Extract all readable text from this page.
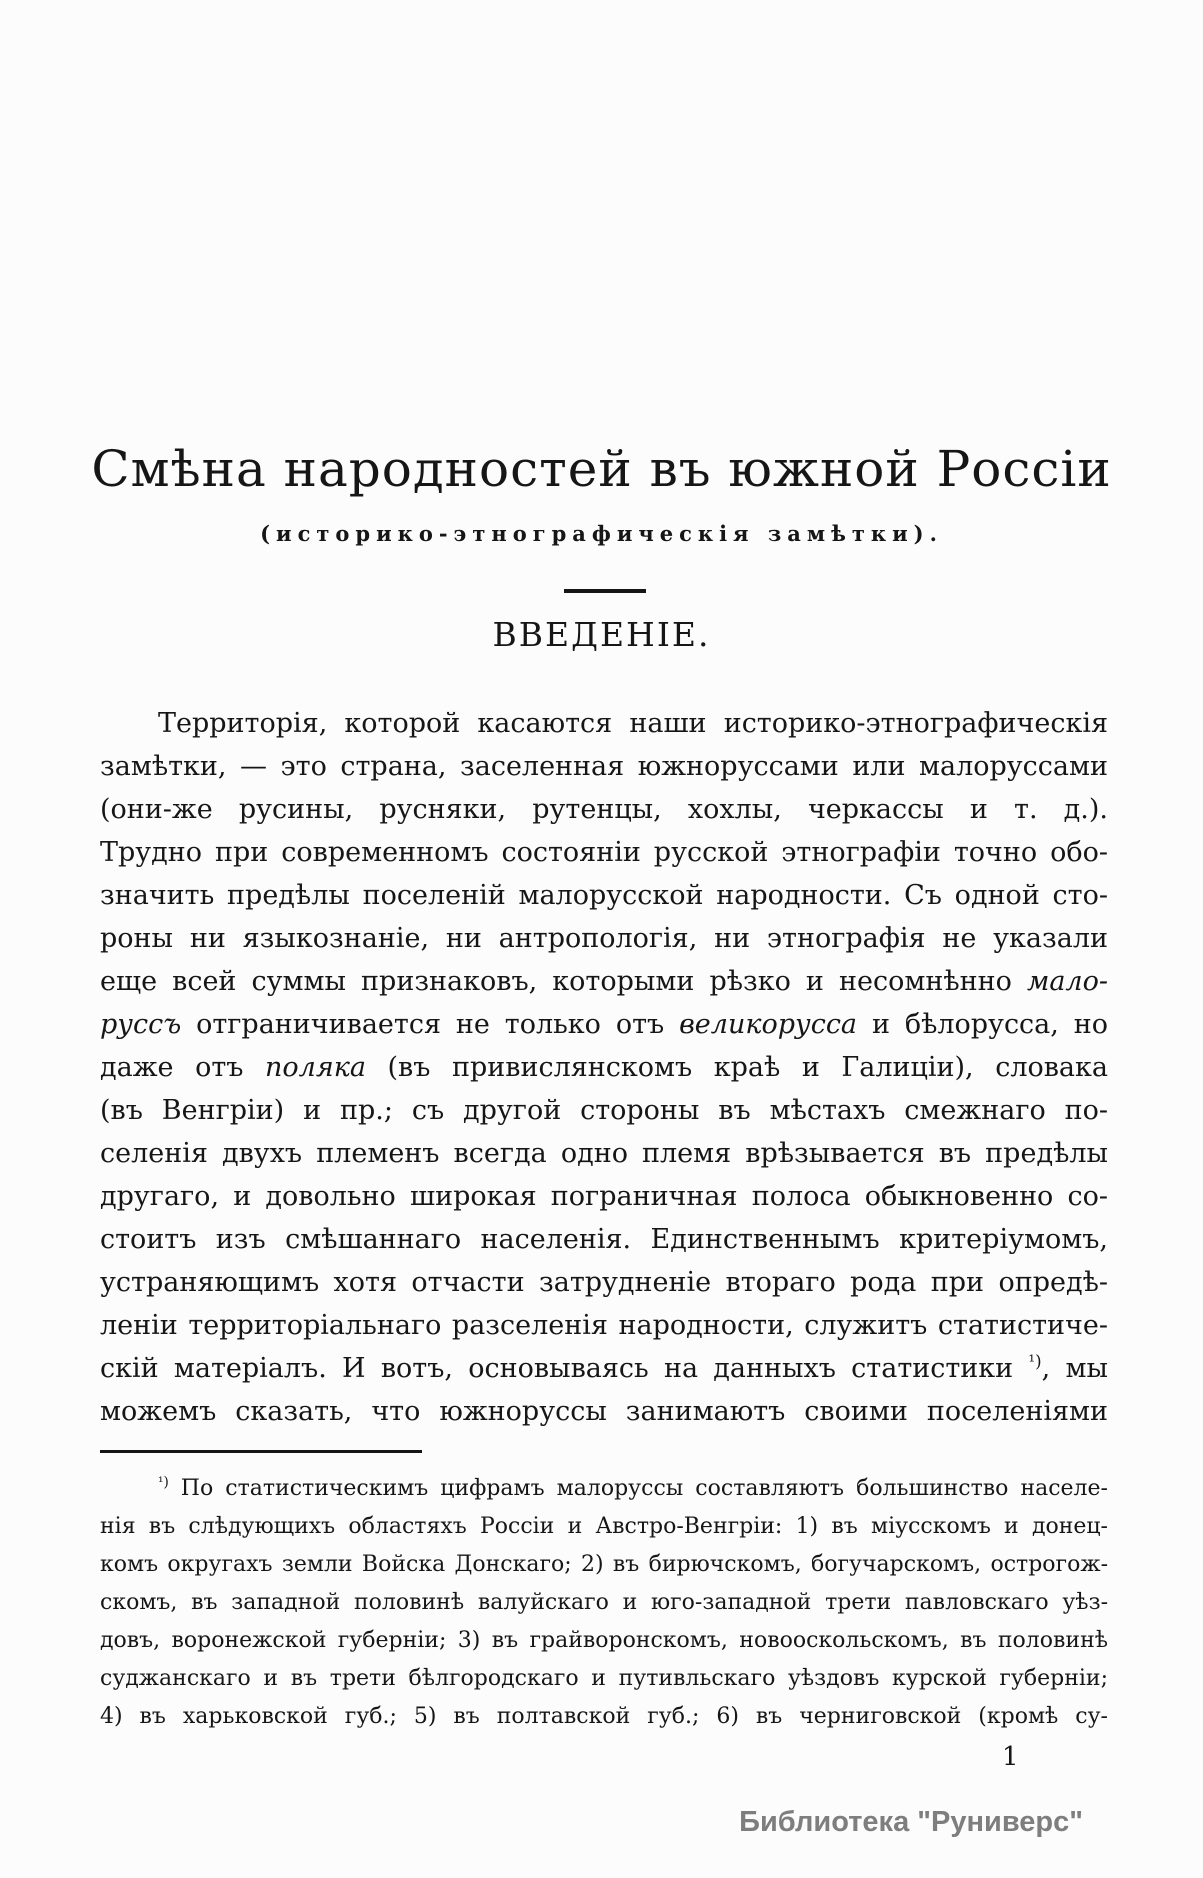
Смѣна народностей въ южной Россіи
(историко-этнографическія замѣтки).
ВВЕДЕНІЕ.
Территорія, которой касаются наши историко-этнографическія
замѣтки, — это страна, заселенная южноруссами или малоруссами
(они-же русины, русняки, рутенцы, хохлы, черкассы и т. д.).
Трудно при современномъ состояніи русской этнографіи точно обо-
значить предѣлы поселеній малорусской народности. Съ одной сто-
роны ни языкознаніе, ни антропологія, ни этнографія не указали
еще всей суммы признаковъ, которыми рѣзко и несомнѣнно мало-
руссъ отграничивается не только отъ великорусса и бѣлорусса, но
даже отъ поляка (въ привислянскомъ краѣ и Галиціи), словака
(въ Венгріи) и пр.; съ другой стороны въ мѣстахъ смежнаго по-
селенія двухъ племенъ всегда одно племя врѣзывается въ предѣлы
другаго, и довольно широкая пограничная полоса обыкновенно со-
стоитъ изъ смѣшаннаго населенія. Единственнымъ критеріумомъ,
устраняющимъ хотя отчасти затрудненіе втораго рода при опредѣ-
леніи территоріальнаго разселенія народности, служитъ статистиче-
скій матеріалъ. И вотъ, основываясь на данныхъ статистики $^{^1)}$, мы
можемъ сказать, что южноруссы занимаютъ своими поселеніями
$^{^1)}$ По статистическимъ цифрамъ малоруссы составляютъ большинство населе-
нія въ слѣдующихъ областяхъ Россіи и Австро-Венгріи: 1) въ міусскомъ и донец-
комъ округахъ земли Войска Донскаго; 2) въ бирючскомъ, богучарскомъ, острогож-
скомъ, въ западной половинѣ валуйскаго и юго-западной трети павловскаго уѣз-
довъ, воронежской губерніи; 3) въ грайворонскомъ, новооскольскомъ, въ половинѣ
суджанскаго и въ трети бѣлгородскаго и путивльскаго уѣздовъ курской губерніи;
4) въ харьковской губ.; 5) въ полтавской губ.; 6) въ черниговской (кромѣ су-
1
Библиотека "Руниверс"
